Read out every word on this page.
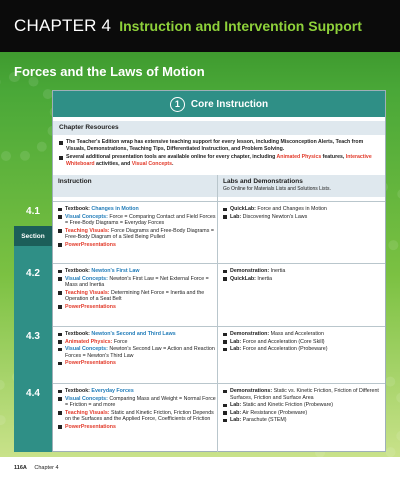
CHAPTER 4 Instruction and Intervention Support
Forces and the Laws of Motion
1	Core Instruction
Chapter Resources
The Teacher's Edition wrap has extensive teaching support for every lesson, including Misconception Alerts, Teach from Visuals, Demonstrations, Teaching Tips, Differentiated Instruction, and Problem Solving.
Several additional presentation tools are available online for every chapter, including Animated Physics features, Interactive Whiteboard activities, and Visual Concepts.
Instruction	Labs and Demonstrations
Go Online for Materials Lists and Solutions Lists.
Textbook: Changes in Motion
Visual Concepts: Force = Comparing Contact and Field Forces = Free-Body Diagrams = Everyday Forces
Teaching Visuals: Force Diagrams and Free-Body Diagrams = Free-Body Diagram of a Sled Being Pulled
PowerPresentations
QuickLab: Force and Changes in Motion
Lab: Discovering Newton's Laws
Textbook: Newton's First Law
Visual Concepts: Newton's First Law = Net External Force = Mass and Inertia
Teaching Visuals: Determining Net Force = Inertia and the Operation of a Seat Belt
PowerPresentations
Demonstration: Inertia
QuickLab: Inertia
Textbook: Newton's Second and Third Laws
Animated Physics: Force
Visual Concepts: Newton's Second Law = Action and Reaction Forces = Newton's Third Law
PowerPresentations
Demonstration: Mass and Acceleration
Lab: Force and Acceleration (Core Skill)
Lab: Force and Acceleration (Probeware)
Textbook: Everyday Forces
Visual Concepts: Comparing Mass and Weight = Normal Force = Friction = and more
Teaching Visuals: Static and Kinetic Friction, Friction Depends on the Surfaces and the Applied Force, Coefficients of Friction
PowerPresentations
Demonstrations: Static vs. Kinetic Friction, Friction of Different Surfaces, Friction and Surface Area
Lab: Static and Kinetic Friction (Probeware)
Lab: Air Resistance (Probeware)
Lab: Parachute (STEM)
Section
4.1
4.2
4.3
4.4
116A Chapter 4
